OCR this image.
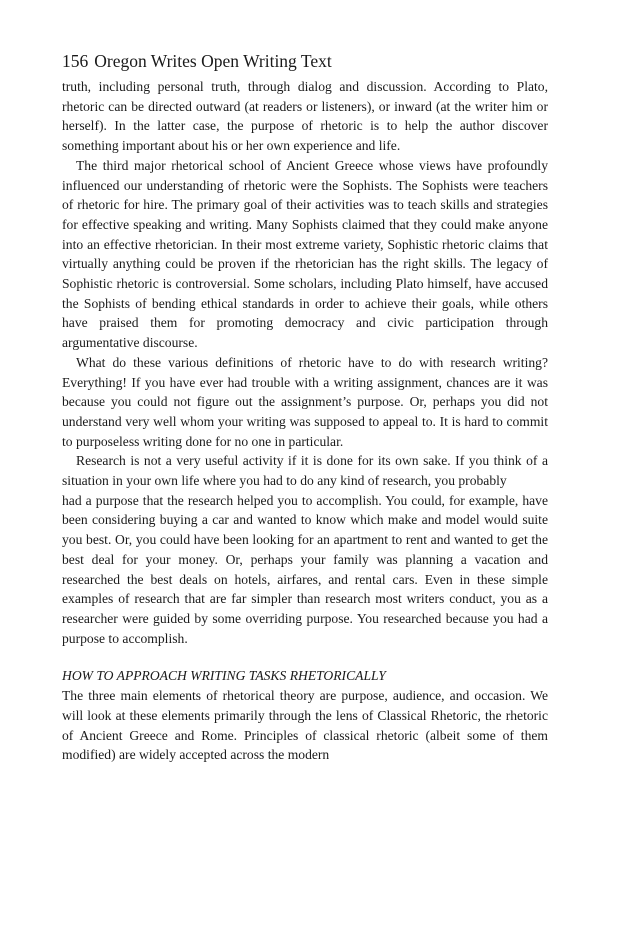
156 Oregon Writes Open Writing Text

truth, including personal truth, through dialog and discussion. According to Plato, rhetoric can be directed outward (at readers or listeners), or inward (at the writer him or herself). In the latter case, the purpose of rhetoric is to help the author discover something important about his or her own experience and life.

The third major rhetorical school of Ancient Greece whose views have profoundly influenced our understanding of rhetoric were the Sophists. The Sophists were teachers of rhetoric for hire. The primary goal of their activities was to teach skills and strategies for effective speaking and writing. Many Sophists claimed that they could make anyone into an effective rhetorician. In their most extreme variety, Sophistic rhetoric claims that virtually anything could be proven if the rhetorician has the right skills. The legacy of Sophistic rhetoric is controversial. Some scholars, including Plato himself, have accused the Sophists of bending ethical standards in order to achieve their goals, while others have praised them for promoting democracy and civic participation through argumentative discourse.

What do these various definitions of rhetoric have to do with research writing? Everything! If you have ever had trouble with a writing assignment, chances are it was because you could not figure out the assignment’s purpose. Or, perhaps you did not understand very well whom your writing was supposed to appeal to. It is hard to commit to purposeless writing done for no one in particular.

Research is not a very useful activity if it is done for its own sake. If you think of a situation in your own life where you had to do any kind of research, you probably

had a purpose that the research helped you to accomplish. You could, for example, have been considering buying a car and wanted to know which make and model would suite you best. Or, you could have been looking for an apartment to rent and wanted to get the best deal for your money. Or, perhaps your family was planning a vacation and researched the best deals on hotels, airfares, and rental cars. Even in these simple examples of research that are far simpler than research most writers conduct, you as a researcher were guided by some overriding purpose. You researched because you had a purpose to accomplish.

HOW TO APPROACH WRITING TASKS RHETORICALLY

The three main elements of rhetorical theory are purpose, audience, and occasion. We will look at these elements primarily through the lens of Classical Rhetoric, the rhetoric of Ancient Greece and Rome. Principles of classical rhetoric (albeit some of them modified) are widely accepted across the modern
